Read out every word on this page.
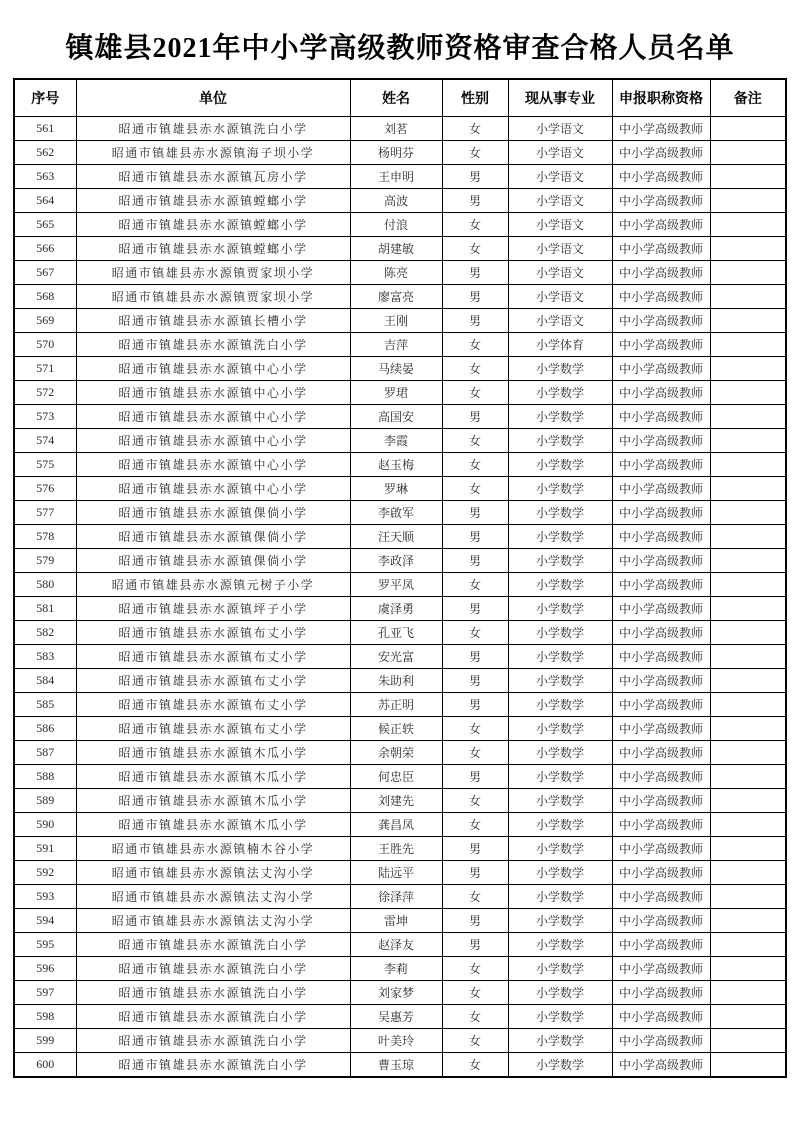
镇雄县2021年中小学高级教师资格审查合格人员名单
序号	单位	姓名	性别	现从事专业	申报职称资格	备注
561	昭通市镇雄县赤水源镇洗白小学	刘茗	女	小学语文	中小学高级教师	
562	昭通市镇雄县赤水源镇海子坝小学	杨明芬	女	小学语文	中小学高级教师	
563	昭通市镇雄县赤水源镇瓦房小学	王申明	男	小学语文	中小学高级教师	
564	昭通市镇雄县赤水源镇螳螂小学	高波	男	小学语文	中小学高级教师	
565	昭通市镇雄县赤水源镇螳螂小学	付浪	女	小学语文	中小学高级教师	
566	昭通市镇雄县赤水源镇螳螂小学	胡建敏	女	小学语文	中小学高级教师	
567	昭通市镇雄县赤水源镇贾家坝小学	陈亮	男	小学语文	中小学高级教师	
568	昭通市镇雄县赤水源镇贾家坝小学	廖富亮	男	小学语文	中小学高级教师	
569	昭通市镇雄县赤水源镇长槽小学	王刚	男	小学语文	中小学高级教师	
570	昭通市镇雄县赤水源镇洗白小学	吉萍	女	小学体育	中小学高级教师	
571	昭通市镇雄县赤水源镇中心小学	马续晏	女	小学数学	中小学高级教师	
572	昭通市镇雄县赤水源镇中心小学	罗珺	女	小学数学	中小学高级教师	
573	昭通市镇雄县赤水源镇中心小学	高国安	男	小学数学	中小学高级教师	
574	昭通市镇雄县赤水源镇中心小学	李霞	女	小学数学	中小学高级教师	
575	昭通市镇雄县赤水源镇中心小学	赵玉梅	女	小学数学	中小学高级教师	
576	昭通市镇雄县赤水源镇中心小学	罗琳	女	小学数学	中小学高级教师	
577	昭通市镇雄县赤水源镇倮倘小学	李啟军	男	小学数学	中小学高级教师	
578	昭通市镇雄县赤水源镇倮倘小学	汪天顺	男	小学数学	中小学高级教师	
579	昭通市镇雄县赤水源镇倮倘小学	李政泽	男	小学数学	中小学高级教师	
580	昭通市镇雄县赤水源镇元树子小学	罗平凤	女	小学数学	中小学高级教师	
581	昭通市镇雄县赤水源镇坪子小学	虞泽勇	男	小学数学	中小学高级教师	
582	昭通市镇雄县赤水源镇布丈小学	孔亚飞	女	小学数学	中小学高级教师	
583	昭通市镇雄县赤水源镇布丈小学	安光富	男	小学数学	中小学高级教师	
584	昭通市镇雄县赤水源镇布丈小学	朱助利	男	小学数学	中小学高级教师	
585	昭通市镇雄县赤水源镇布丈小学	苏正明	男	小学数学	中小学高级教师	
586	昭通市镇雄县赤水源镇布丈小学	候正轶	女	小学数学	中小学高级教师	
587	昭通市镇雄县赤水源镇木瓜小学	余朝荣	女	小学数学	中小学高级教师	
588	昭通市镇雄县赤水源镇木瓜小学	何忠臣	男	小学数学	中小学高级教师	
589	昭通市镇雄县赤水源镇木瓜小学	刘建先	女	小学数学	中小学高级教师	
590	昭通市镇雄县赤水源镇木瓜小学	龚昌凤	女	小学数学	中小学高级教师	
591	昭通市镇雄县赤水源镇楠木谷小学	王胜先	男	小学数学	中小学高级教师	
592	昭通市镇雄县赤水源镇法丈沟小学	陆远平	男	小学数学	中小学高级教师	
593	昭通市镇雄县赤水源镇法丈沟小学	徐泽萍	女	小学数学	中小学高级教师	
594	昭通市镇雄县赤水源镇法丈沟小学	雷坤	男	小学数学	中小学高级教师	
595	昭通市镇雄县赤水源镇洗白小学	赵泽友	男	小学数学	中小学高级教师	
596	昭通市镇雄县赤水源镇洗白小学	李莉	女	小学数学	中小学高级教师	
597	昭通市镇雄县赤水源镇洗白小学	刘家梦	女	小学数学	中小学高级教师	
598	昭通市镇雄县赤水源镇洗白小学	吴惠芳	女	小学数学	中小学高级教师	
599	昭通市镇雄县赤水源镇洗白小学	叶美玲	女	小学数学	中小学高级教师	
600	昭通市镇雄县赤水源镇洗白小学	曹玉琼	女	小学数学	中小学高级教师	
